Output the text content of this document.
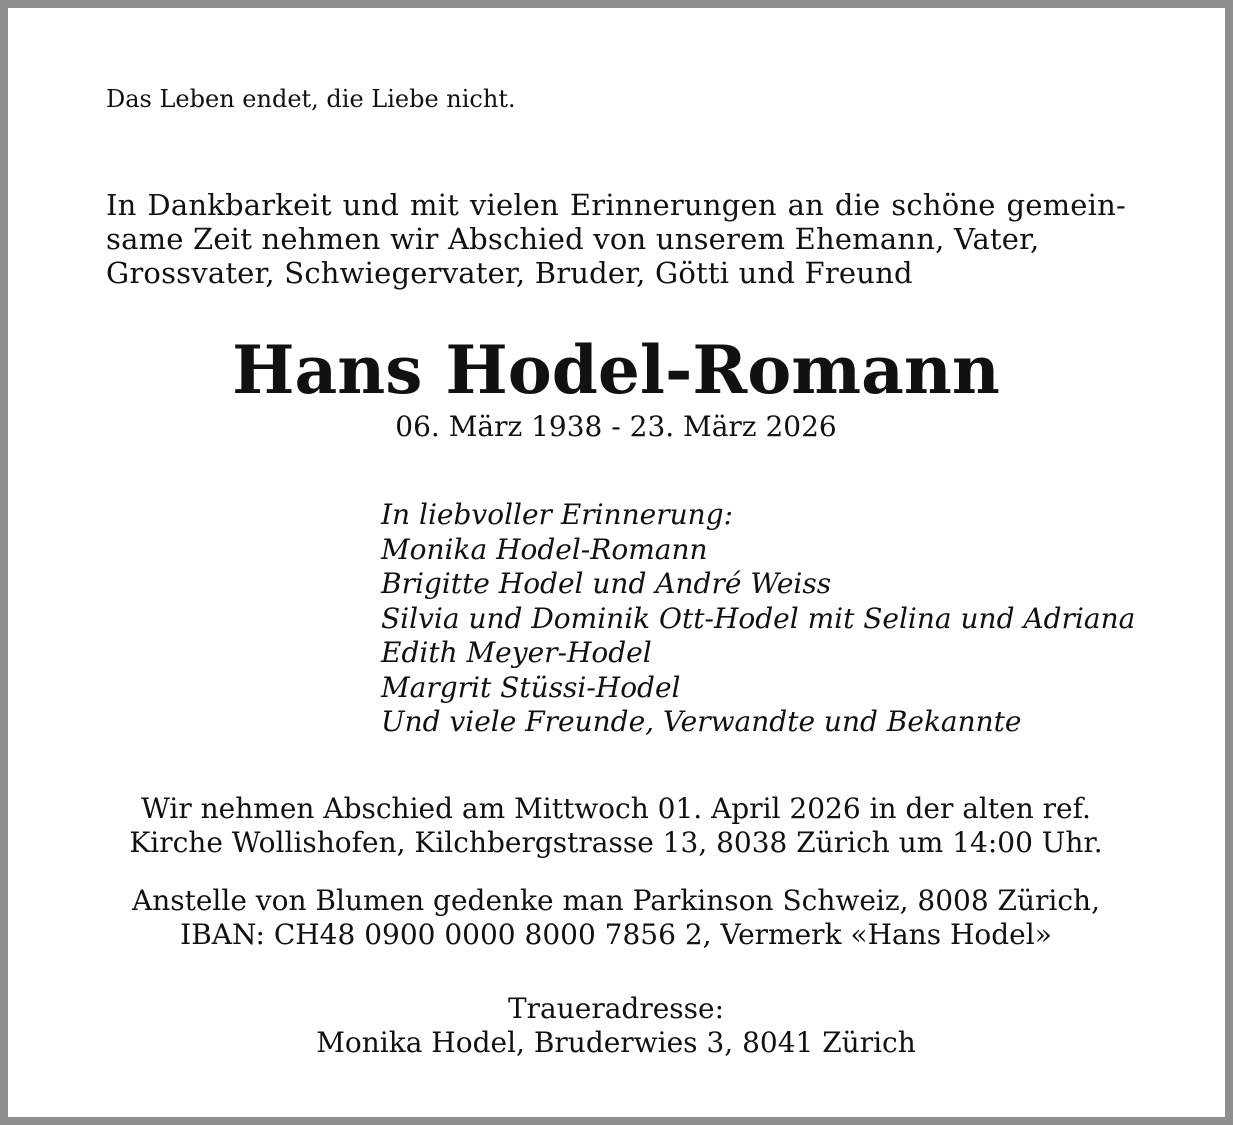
Das Leben endet, die Liebe nicht.
In Dankbarkeit und mit vielen Erinnerungen an die schöne gemein- same Zeit nehmen wir Abschied von unserem Ehemann, Vater,
Grossvater, Schwiegervater, Bruder, Götti und Freund
Hans Hodel-Romann
06. März 1938 - 23. März 2026
In liebvoller Erinnerung:
Monika Hodel-Romann
Brigitte Hodel und André Weiss
Silvia und Dominik Ott-Hodel mit Selina und Adriana
Edith Meyer-Hodel
Margrit Stüssi-Hodel
Und viele Freunde, Verwandte und Bekannte
Wir nehmen Abschied am Mittwoch 01. April 2026 in der alten ref.
Kirche Wollishofen, Kilchbergstrasse 13, 8038 Zürich um 14:00 Uhr.
Anstelle von Blumen gedenke man Parkinson Schweiz, 8008 Zürich,
IBAN: CH48 0900 0000 8000 7856 2, Vermerk «Hans Hodel»
Traueradresse:
Monika Hodel, Bruderwies 3, 8041 Zürich
